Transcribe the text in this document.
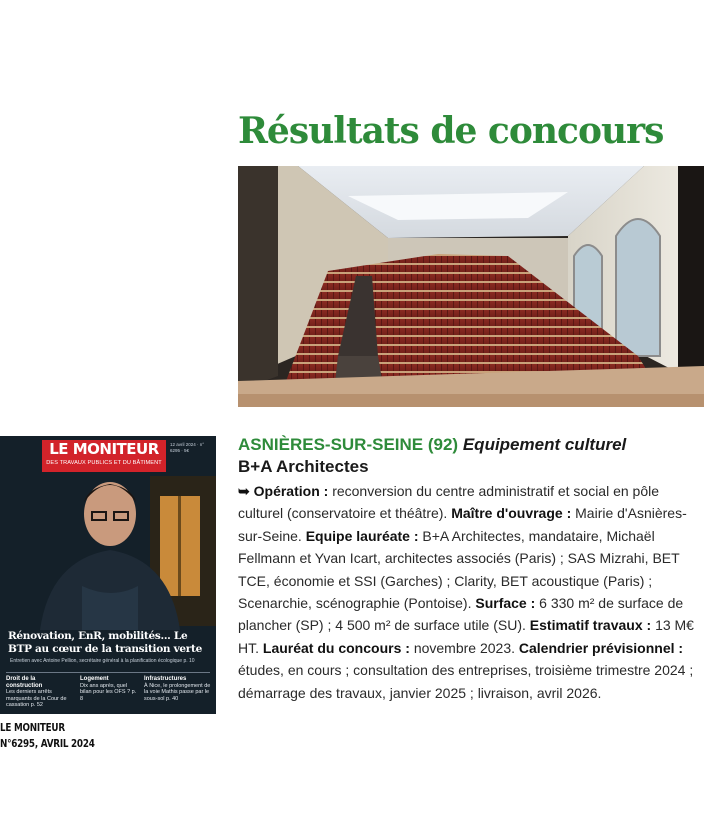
Résultats de concours
LE MONITEUR
DES TRAVAUX PUBLICS ET DU BÂTIMENT
12 avril 2024 · n° 6295 · 5€
Rénovation, EnR, mobilités... Le BTP au cœur de la transition verte
Entretien avec Antoine Pellion, secrétaire général à la planification écologique p. 10
Droit de la construction
Les derniers arrêts marquants de la Cour de cassation p. 52
Logement
Dix ans après, quel bilan pour les OFS ? p. 8
Infrastructures
À Nice, le prolongement de la voie Mathis passe par le sous-sol p. 40
LE MONITEUR
N°6295, AVRIL 2024
ASNIÈRES-SUR-SEINE (92) Equipement culturel
B+A Architectes

➥ Opération : reconversion du centre administratif et social en pôle culturel (conservatoire et théâtre). Maître d'ouvrage : Mairie d'Asnières-sur-Seine. Equipe lauréate : B+A Architectes, mandataire, Michaël Fellmann et Yvan Icart, architectes associés (Paris) ; SAS Mizrahi, BET TCE, économie et SSI (Garches) ; Clarity, BET acoustique (Paris) ; Scenarchie, scénographie (Pontoise). Surface : 6 330 m² de surface de plancher (SP) ; 4 500 m² de surface utile (SU). Estimatif travaux : 13 M€ HT. Lauréat du concours : novembre 2023. Calendrier prévisionnel : études, en cours ; consultation des entreprises, troisième trimestre 2024 ; démarrage des travaux, janvier 2025 ; livraison, avril 2026.
